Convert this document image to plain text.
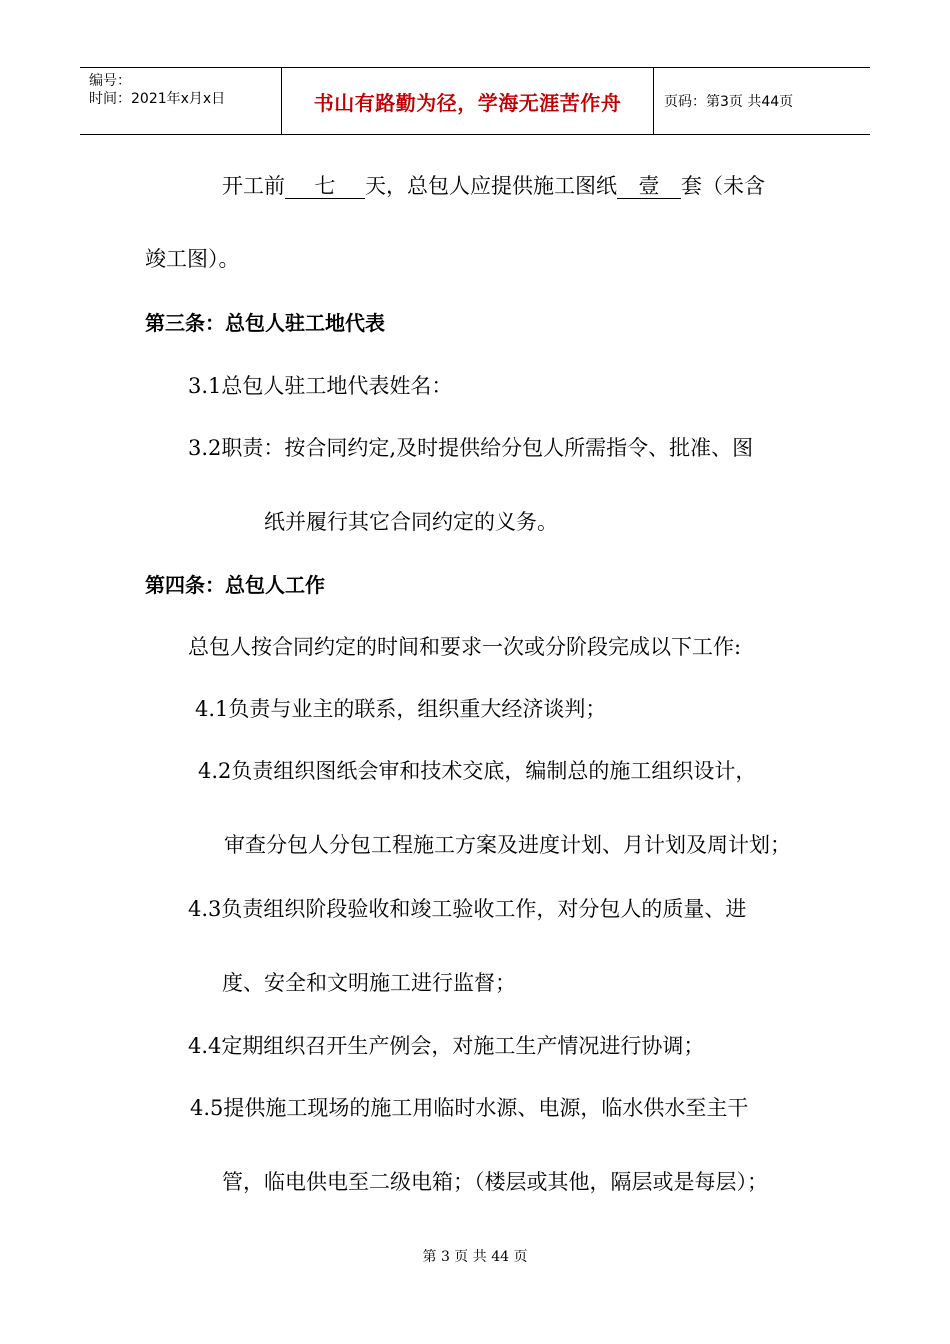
编号：
时间：2021年x月x日	书山有路勤为径，学海无涯苦作舟	页码：第3页 共44页
开工前 七 天，总包人应提供施工图纸 壹 套（未含
竣工图）。
第三条：总包人驻工地代表
3.1总包人驻工地代表姓名：
3.2职责：按合同约定,及时提供给分包人所需指令、批准、图
纸并履行其它合同约定的义务。
第四条：总包人工作
总包人按合同约定的时间和要求一次或分阶段完成以下工作:
4.1负责与业主的联系，组织重大经济谈判；
4.2负责组织图纸会审和技术交底，编制总的施工组织设计，
审查分包人分包工程施工方案及进度计划、月计划及周计划；
4.3负责组织阶段验收和竣工验收工作，对分包人的质量、进
度、安全和文明施工进行监督；
4.4定期组织召开生产例会，对施工生产情况进行协调；
4.5提供施工现场的施工用临时水源、电源，临水供水至主干
管，临电供电至二级电箱；（楼层或其他，隔层或是每层）；
第 3 页 共 44 页
